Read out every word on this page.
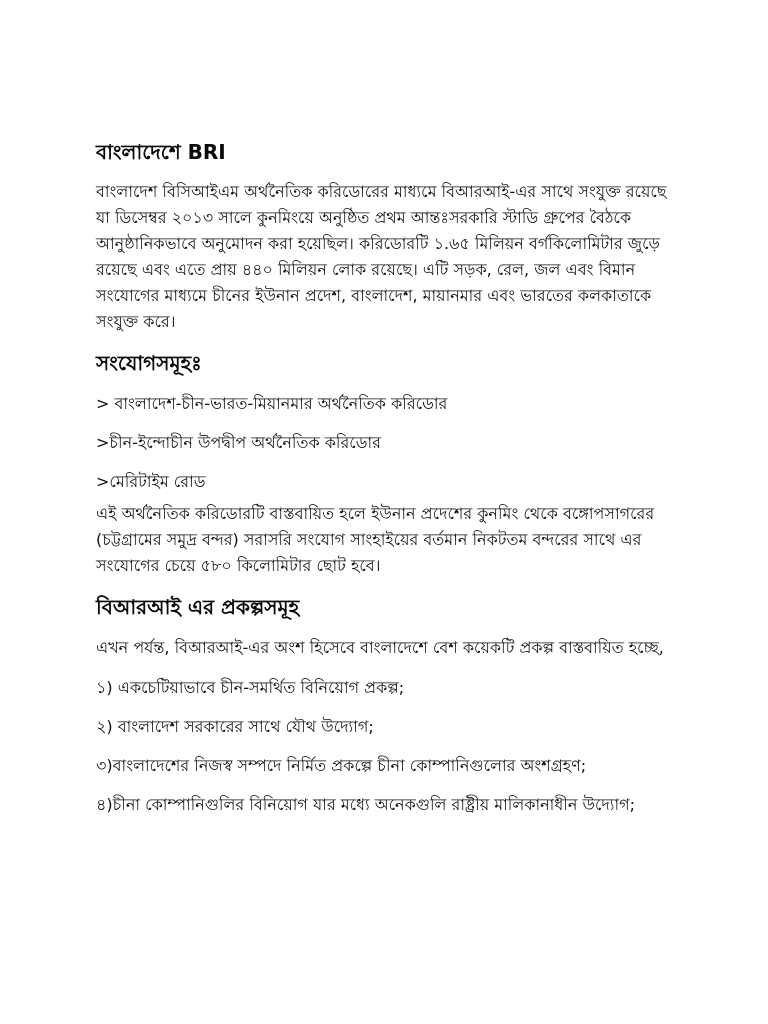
বাংলাদেশে BRI

বাংলাদেশ বিসিআইএম অর্থনৈতিক করিডোরের মাধ্যমে বিআরআই-এর সাথে সংযুক্ত রয়েছে যা ডিসেম্বর ২০১৩ সালে কুনমিংয়ে অনুষ্ঠিত প্রথম আন্তঃসরকারি স্টাডি গ্রুপের বৈঠকে আনুষ্ঠানিকভাবে অনুমোদন করা হয়েছিল। করিডোরটি ১.৬৫ মিলিয়ন বর্গকিলোমিটার জুড়ে রয়েছে এবং এতে প্রায় ৪৪০ মিলিয়ন লোক রয়েছে। এটি সড়ক, রেল, জল এবং বিমান সংযোগের মাধ্যমে চীনের ইউনান প্রদেশ, বাংলাদেশ, মায়ানমার এবং ভারতের কলকাতাকে সংযুক্ত করে।

সংযোগসমূহঃ

> বাংলাদেশ-চীন-ভারত-মিয়ানমার অর্থনৈতিক করিডোর

>চীন-ইন্দোচীন উপদ্বীপ অর্থনৈতিক করিডোর

>মেরিটাইম রোড

এই অর্থনৈতিক করিডোরটি বাস্তবায়িত হলে ইউনান প্রদেশের কুনমিং থেকে বঙ্গোপসাগরের (চট্টগ্রামের সমুদ্র বন্দর) সরাসরি সংযোগ সাংহাইয়ের বর্তমান নিকটতম বন্দরের সাথে এর সংযোগের চেয়ে ৫৮০ কিলোমিটার ছোট হবে।

বিআরআই এর প্রকল্পসমূহ

এখন পর্যন্ত, বিআরআই-এর অংশ হিসেবে বাংলাদেশে বেশ কয়েকটি প্রকল্প বাস্তবায়িত হচ্ছে,

১) একচেটিয়াভাবে চীন-সমর্থিত বিনিয়োগ প্রকল্প;

২) বাংলাদেশ সরকারের সাথে যৌথ উদ্যোগ;

৩)বাংলাদেশের নিজস্ব সম্পদে নির্মিত প্রকল্পে চীনা কোম্পানিগুলোর অংশগ্রহণ;

৪)চীনা কোম্পানিগুলির বিনিয়োগ যার মধ্যে অনেকগুলি রাষ্ট্রীয় মালিকানাধীন উদ্যোগ;
